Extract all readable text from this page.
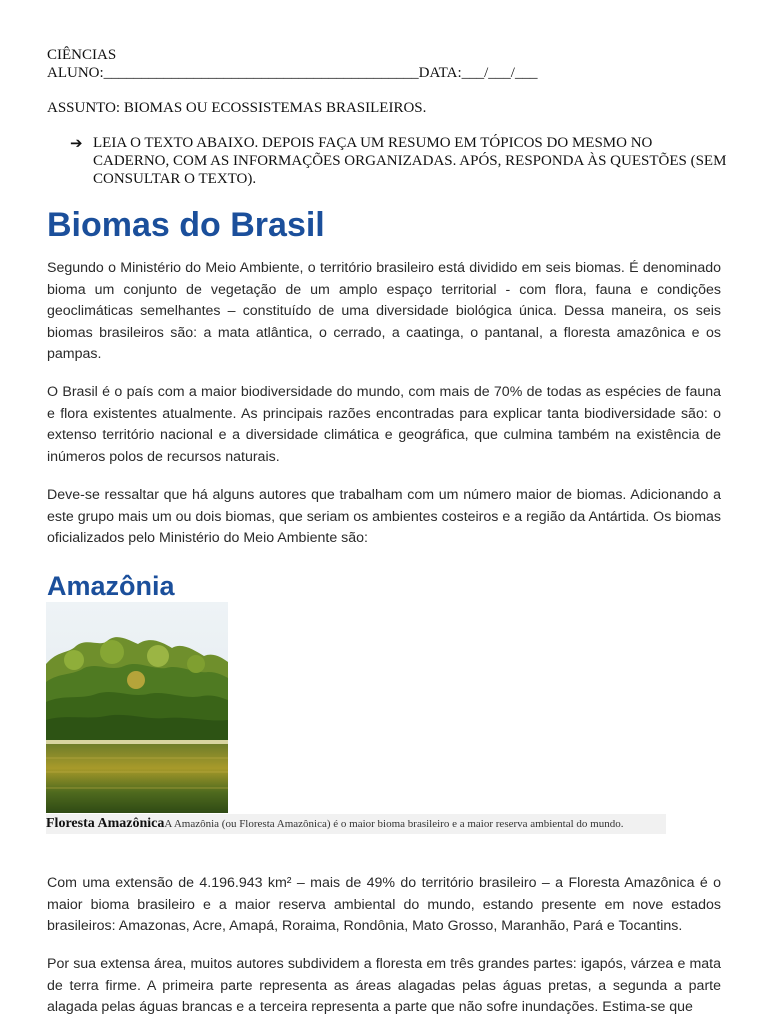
CIÊNCIAS
ALUNO:__________________________________________DATA:___/___/___
ASSUNTO: BIOMAS OU ECOSSISTEMAS BRASILEIROS.
➔ LEIA O TEXTO ABAIXO. DEPOIS FAÇA UM RESUMO EM TÓPICOS DO MESMO NO CADERNO, COM AS INFORMAÇÕES ORGANIZADAS. APÓS, RESPONDA ÀS QUESTÕES (SEM CONSULTAR O TEXTO).
Biomas do Brasil

Segundo o Ministério do Meio Ambiente, o território brasileiro está dividido em seis biomas. É denominado bioma um conjunto de vegetação de um amplo espaço territorial - com flora, fauna e condições geoclimáticas semelhantes – constituído de uma diversidade biológica única. Dessa maneira, os seis biomas brasileiros são: a mata atlântica, o cerrado, a caatinga, o pantanal, a floresta amazônica e os pampas.

O Brasil é o país com a maior biodiversidade do mundo, com mais de 70% de todas as espécies de fauna e flora existentes atualmente. As principais razões encontradas para explicar tanta biodiversidade são: o extenso território nacional e a diversidade climática e geográfica, que culmina também na existência de inúmeros polos de recursos naturais.

Deve-se ressaltar que há alguns autores que trabalham com um número maior de biomas. Adicionando a este grupo mais um ou dois biomas, que seriam os ambientes costeiros e a região da Antártida. Os biomas oficializados pelo Ministério do Meio Ambiente são:

Amazônia
Floresta AmazônicaA Amazônia (ou Floresta Amazônica) é o maior bioma brasileiro e a maior reserva ambiental do mundo.

Com uma extensão de 4.196.943 km² – mais de 49% do território brasileiro – a Floresta Amazônica é o maior bioma brasileiro e a maior reserva ambiental do mundo, estando presente em nove estados brasileiros: Amazonas, Acre, Amapá, Roraima, Rondônia, Mato Grosso, Maranhão, Pará e Tocantins.

Por sua extensa área, muitos autores subdividem a floresta em três grandes partes: igapós, várzea e mata de terra firme. A primeira parte representa as áreas alagadas pelas águas pretas, a segunda a parte alagada pelas águas brancas e a terceira representa a parte que não sofre inundações. Estima-se que
